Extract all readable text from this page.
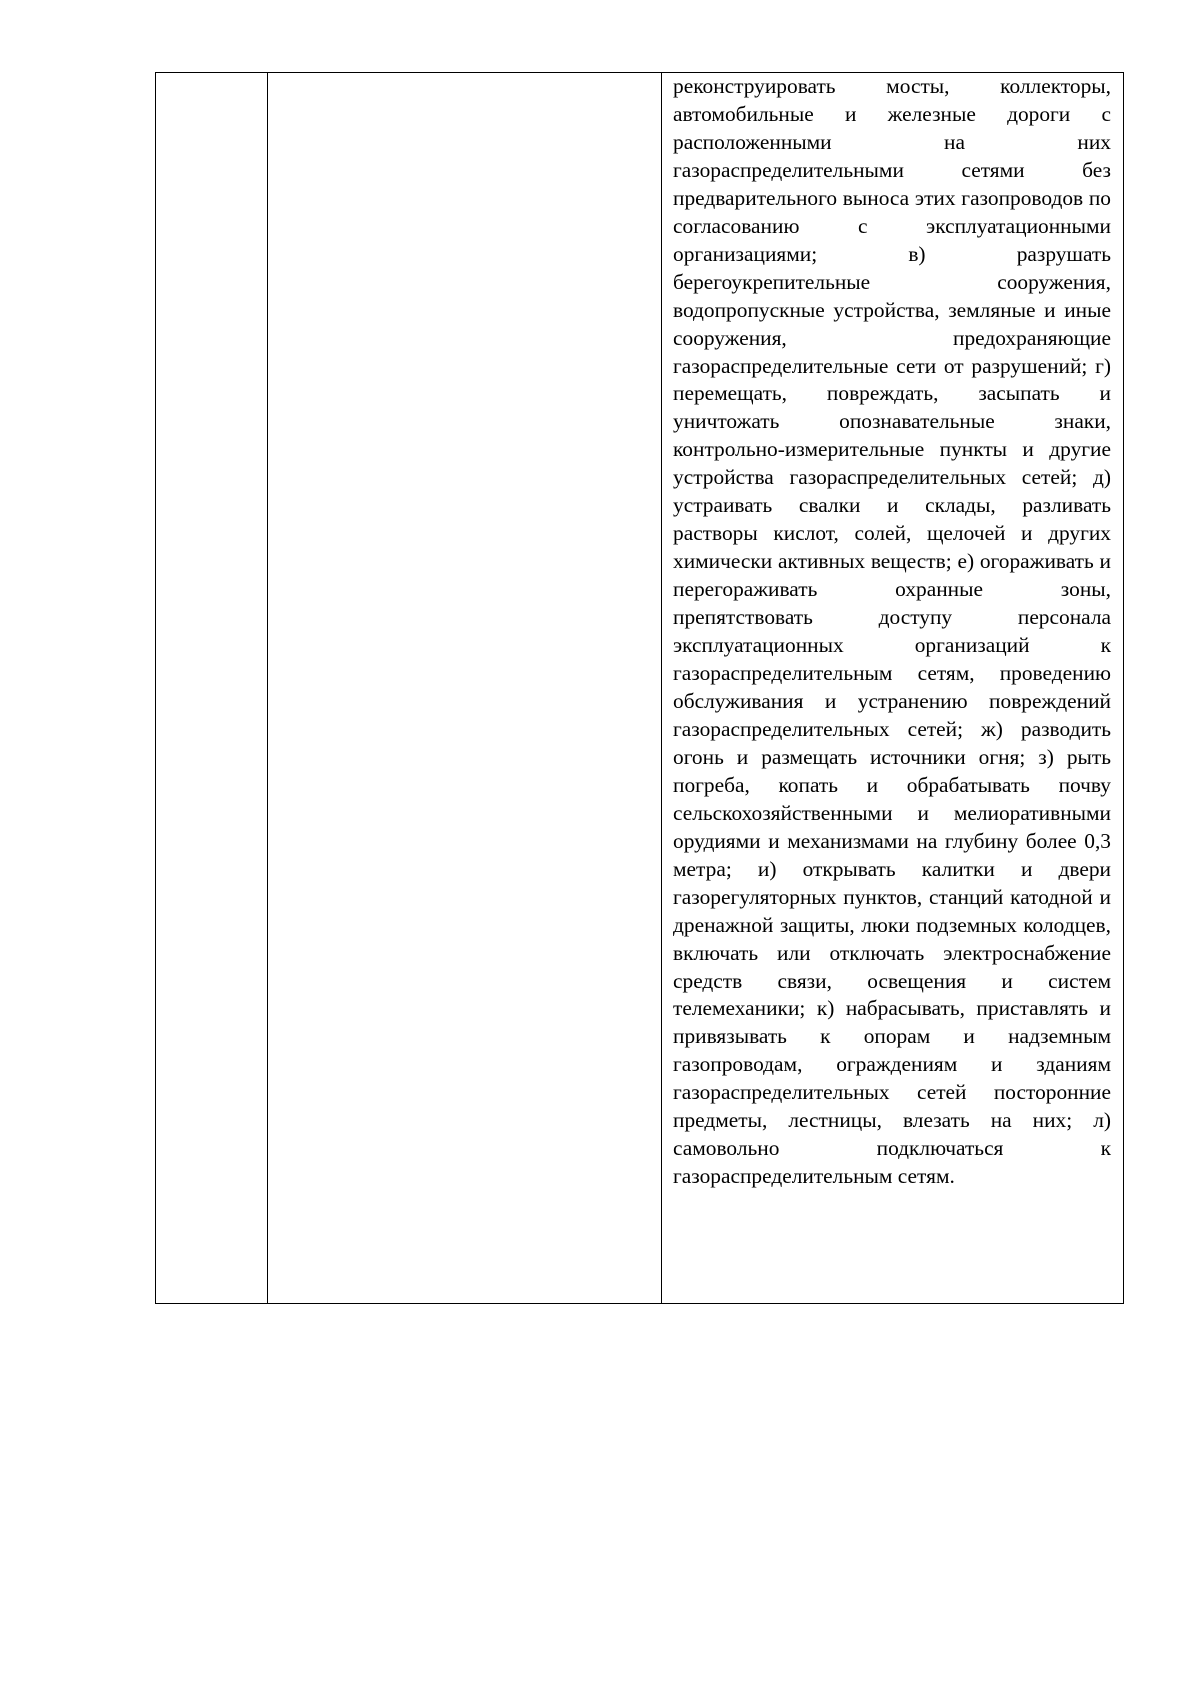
реконструировать мосты, коллекторы, автомобильные и железные дороги с расположенными на них газораспределительными сетями без предварительного выноса этих газопроводов по согласованию с эксплуатационными организациями; в) разрушать берегоукрепительные сооружения, водопропускные устройства, земляные и иные сооружения, предохраняющие газораспределительные сети от разрушений; г) перемещать, повреждать, засыпать и уничтожать опознавательные знаки, контрольно-измерительные пункты и другие устройства газораспределительных сетей; д) устраивать свалки и склады, разливать растворы кислот, солей, щелочей и других химически активных веществ; е) огораживать и перегораживать охранные зоны, препятствовать доступу персонала эксплуатационных организаций к газораспределительным сетям, проведению обслуживания и устранению повреждений газораспределительных сетей; ж) разводить огонь и размещать источники огня; з) рыть погреба, копать и обрабатывать почву сельскохозяйственными и мелиоративными орудиями и механизмами на глубину более 0,3 метра; и) открывать калитки и двери газорегуляторных пунктов, станций катодной и дренажной защиты, люки подземных колодцев, включать или отключать электроснабжение средств связи, освещения и систем телемеханики; к) набрасывать, приставлять и привязывать к опорам и надземным газопроводам, ограждениям и зданиям газораспределительных сетей посторонние предметы, лестницы, влезать на них; л) самовольно подключаться к газораспределительным сетям.
